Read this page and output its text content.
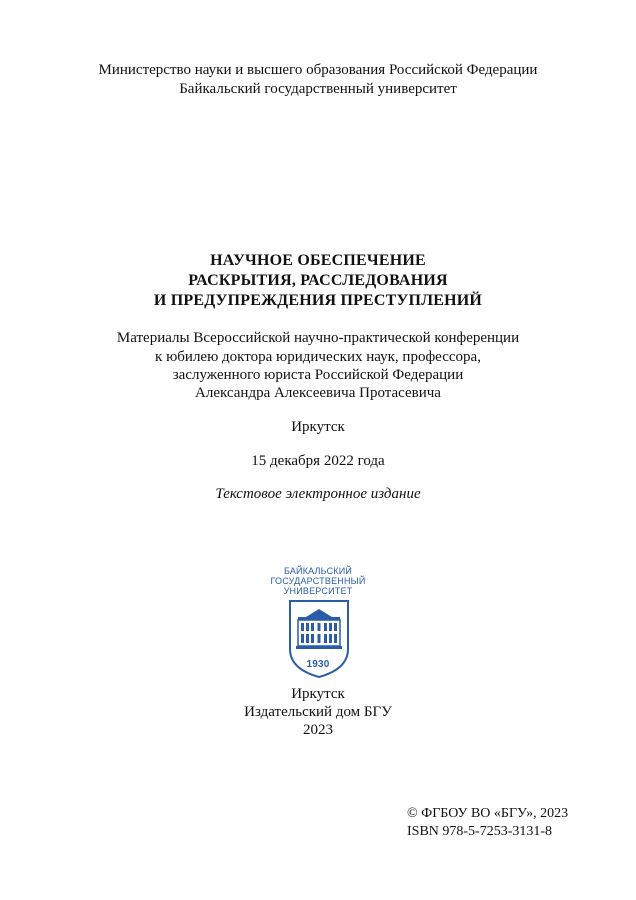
Министерство науки и высшего образования Российской Федерации
Байкальский государственный университет
НАУЧНОЕ ОБЕСПЕЧЕНИЕ
РАСКРЫТИЯ, РАССЛЕДОВАНИЯ
И ПРЕДУПРЕЖДЕНИЯ ПРЕСТУПЛЕНИЙ
Материалы Всероссийской научно-практической конференции
к юбилею доктора юридических наук, профессора,
заслуженного юриста Российской Федерации
Александра Алексеевича Протасевича
Иркутск
15 декабря 2022 года
Текстовое электронное издание
БАЙКАЛЬСКИЙ
ГОСУДАРСТВЕННЫЙ
УНИВЕРСИТЕТ
1930
Иркутск
Издательский дом БГУ
2023
© ФГБОУ ВО «БГУ», 2023
ISBN 978-5-7253-3131-8
